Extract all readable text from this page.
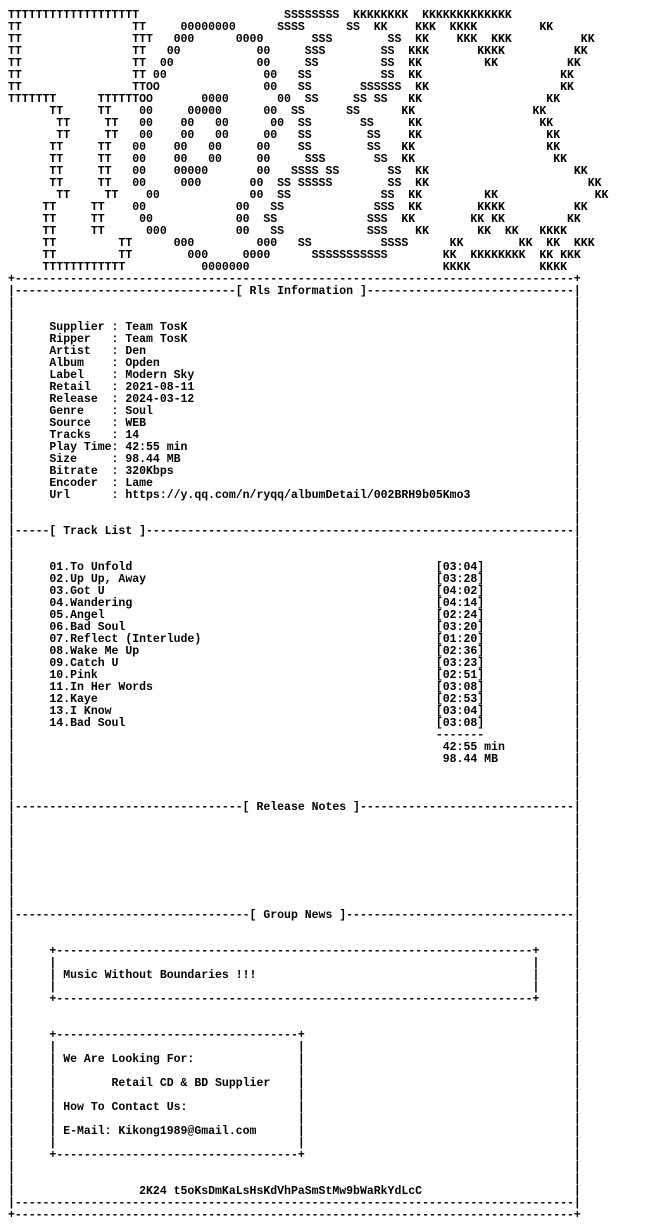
TTTTTTTTTTTTTTTTTTT                     SSSSSSSS  KKKKKKKK  KKKKKKKKKKKKK
TT                TT     00000000      SSSS      SS  KK    KKK  KKKK         KK
TT                TTT   000      0000       SSS        SS  KK    KKK  KKK          KK
TT                TT   00           00     SSS        SS  KKK       KKKK          KK
TT                TT  00            00     SS         SS  KK         KK          KK
TT                TT 00              00   SS          SS  KK                    KK
TT                TTOO               00   SS       SSSSSS  KK                   KK
TTTTTTT      TTTTTTOO       0000       00  SS     SS SS   KK                  KK
TT     TT    00     00000      00  SS      SS      KK                 KK
TT     TT   00    00   00      00  SS       SS     KK                 KK
TT     TT   00    00   00     00   SS        SS    KK                  KK
TT     TT   00    00   00     00    SS        SS   KK                   KK
TT     TT   00    00   00     00     SSS       SS  KK                    KK
TT     TT   00    00000       00   SSSS SS       SS  KK                     KK
TT     TT   00     000       00  SS SSSSS        SS  KK                       KK
TT     TT    00             00  SS             SS  KK         KK              KK
TT     TT    00             00   SS             SSS  KK        KKKK          KK
TT     TT     00            00  SS             SSS  KK        KK KK         KK
TT     TT      000          00   SS            SSS    KK       KK  KK   KKKK
TT         TT      000         000   SS          SSSS      KK        KK  KK  KKK
TT         TT        000     0000      SSSSSSSSSSS        KK  KKKKKKKK  KK KKK
TTTTTTTTTTTT           0000000                            KKKK          KKKK
+---------------------------------------------------------------------------------+
|--------------------------------[ Rls Information ]------------------------------|
|                                                                                 |
|                                                                                 |
|     Supplier : Team TosK                                                        |
|     Ripper   : Team TosK                                                        |
|     Artist   : Den                                                              |
|     Album    : Opden                                                            |
|     Label    : Modern Sky                                                       |
|     Retail   : 2021-08-11                                                       |
|     Release  : 2024-03-12                                                       |
|     Genre    : Soul                                                             |
|     Source   : WEB                                                              |
|     Tracks   : 14                                                               |
|     Play Time: 42:55 min                                                        |
|     Size     : 98.44 MB                                                         |
|     Bitrate  : 320Kbps                                                          |
|     Encoder  : Lame                                                             |
|     Url      : https://y.qq.com/n/ryqq/albumDetail/002BRH9b05Kmo3               |
|                                                                                 |
|                                                                                 |
|-----[ Track List ]--------------------------------------------------------------|
|                                                                                 |
|                                                                                 |
|     01.To Unfold                                            [03:04]             |
|     02.Up Up, Away                                          [03:28]             |
|     03.Got U                                                [04:02]             |
|     04.Wandering                                            [04:14]             |
|     05.Angel                                                [02:24]             |
|     06.Bad Soul                                             [03:20]             |
|     07.Reflect (Interlude)                                  [01:20]             |
|     08.Wake Me Up                                           [02:36]             |
|     09.Catch U                                              [03:23]             |
|     10.Pink                                                 [02:51]             |
|     11.In Her Words                                         [03:08]             |
|     12.Kaye                                                 [02:53]             |
|     13.I Know                                               [03:04]             |
|     14.Bad Soul                                             [03:08]             |
|                                                             -------             |
|                                                              42:55 min          |
|                                                              98.44 MB           |
|                                                                                 |
|                                                                                 |
|                                                                                 |
|---------------------------------[ Release Notes ]-------------------------------|
|                                                                                 |
|                                                                                 |
|                                                                                 |
|                                                                                 |
|                                                                                 |
|                                                                                 |
|                                                                                 |
|                                                                                 |
|----------------------------------[ Group News ]---------------------------------|
|                                                                                 |
|                                                                                 |
|     +---------------------------------------------------------------------+     |
|     |                                                                     |     |
|     | Music Without Boundaries !!!                                        |     |
|     |                                                                     |     |
|     +---------------------------------------------------------------------+     |
|                                                                                 |
|                                                                                 |
|     +-----------------------------------+                                       |
|     |                                   |                                       |
|     | We Are Looking For:               |                                       |
|     |                                   |                                       |
|     |        Retail CD & BD Supplier    |                                       |
|     |                                   |                                       |
|     | How To Contact Us:                |                                       |
|     |                                   |                                       |
|     | E-Mail: Kikong1989@Gmail.com      |                                       |
|     |                                   |                                       |
|     +-----------------------------------+                                       |
|                                                                                 |
|                                                                                 |
|                  2K24 t5oKsDmKaLsHsKdVhPaSmStMw9bWaRkYdLcC                      |
|---------------------------------------------------------------------------------|
+---------------------------------------------------------------------------------+
